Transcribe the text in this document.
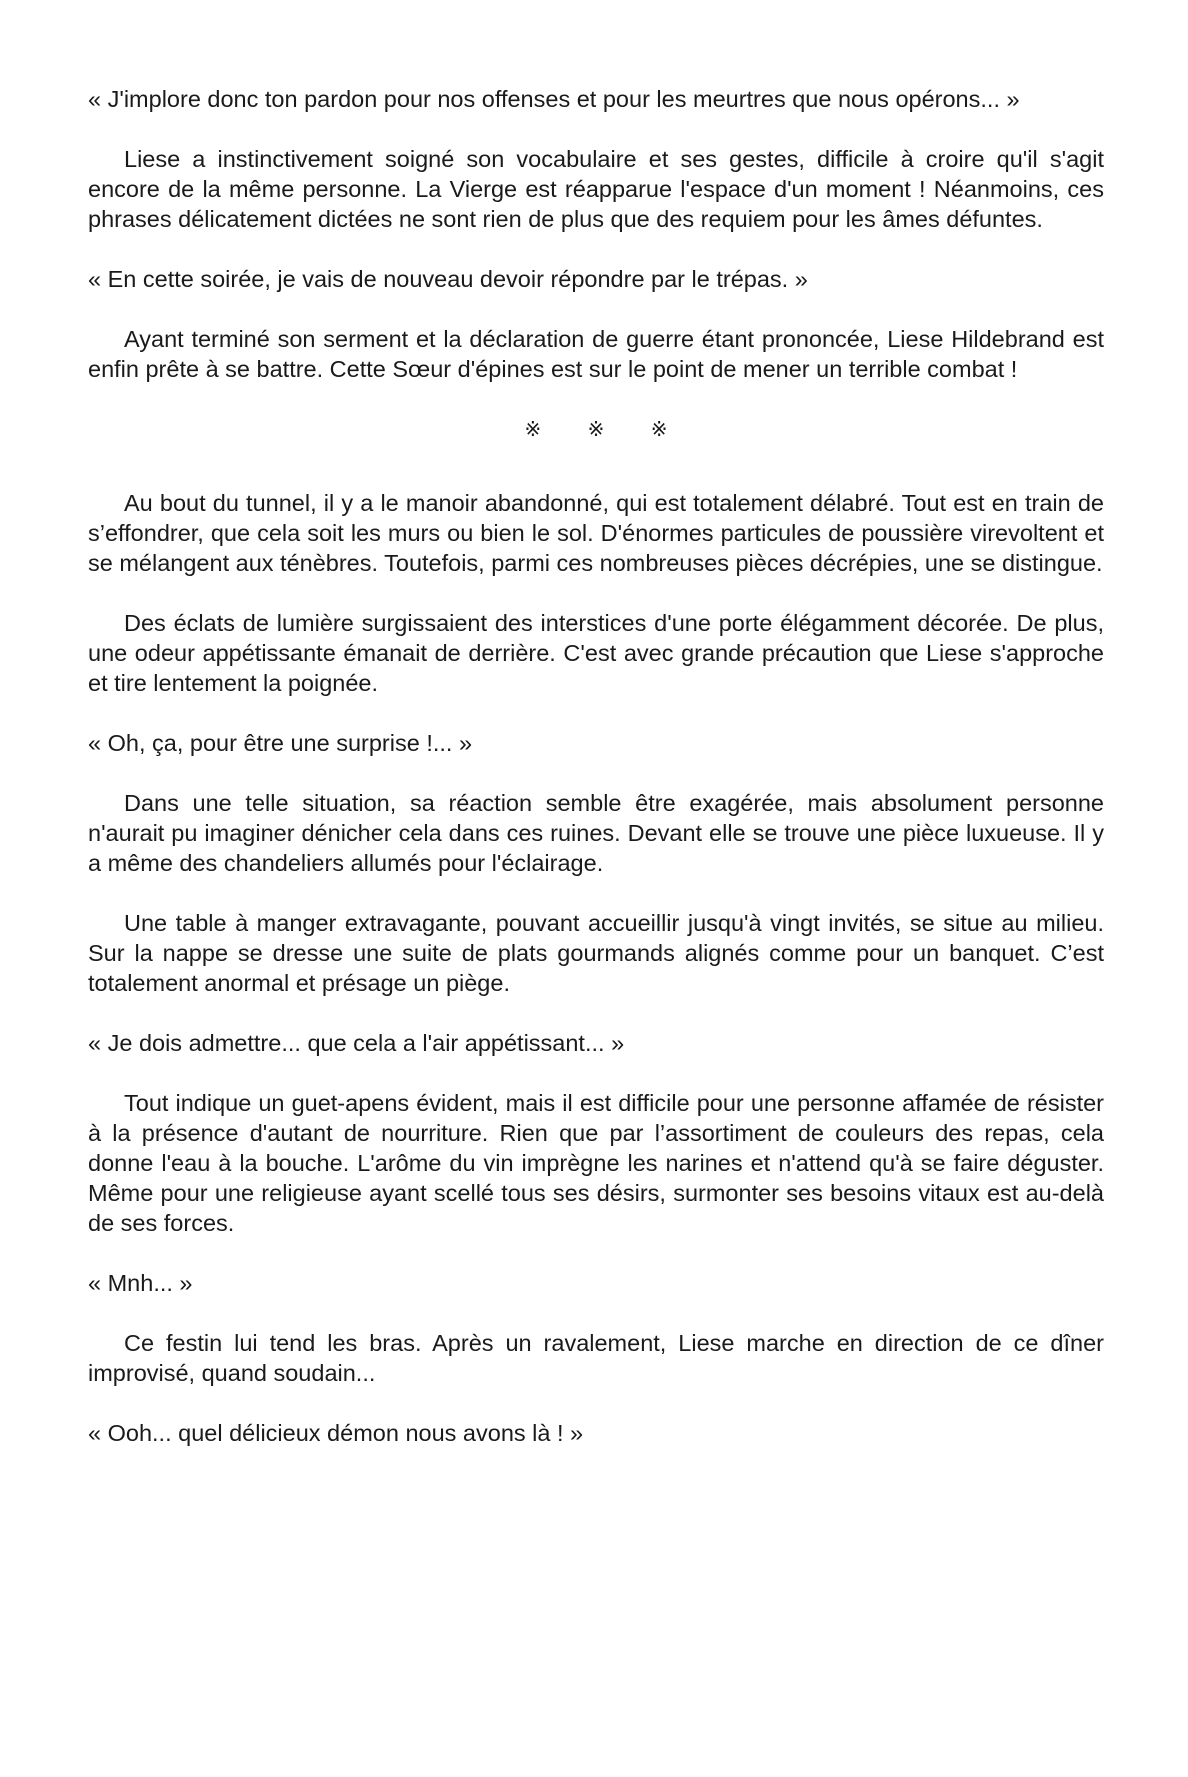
« J'implore donc ton pardon pour nos offenses et pour les meurtres que nous opérons... »

Liese a instinctivement soigné son vocabulaire et ses gestes, difficile à croire qu'il s'agit encore de la même personne. La Vierge est réapparue l'espace d'un moment ! Néanmoins, ces phrases délicatement dictées ne sont rien de plus que des requiem pour les âmes défuntes.

« En cette soirée, je vais de nouveau devoir répondre par le trépas. »

Ayant terminé son serment et la déclaration de guerre étant prononcée, Liese Hildebrand est enfin prête à se battre. Cette Sœur d'épines est sur le point de mener un terrible combat !

※ ※ ※

Au bout du tunnel, il y a le manoir abandonné, qui est totalement délabré. Tout est en train de s’effondrer, que cela soit les murs ou bien le sol. D'énormes particules de poussière virevoltent et se mélangent aux ténèbres. Toutefois, parmi ces nombreuses pièces décrépies, une se distingue.

Des éclats de lumière surgissaient des interstices d'une porte élégamment décorée. De plus, une odeur appétissante émanait de derrière. C'est avec grande précaution que Liese s'approche et tire lentement la poignée.

« Oh, ça, pour être une surprise !... »

Dans une telle situation, sa réaction semble être exagérée, mais absolument personne n'aurait pu imaginer dénicher cela dans ces ruines. Devant elle se trouve une pièce luxueuse. Il y a même des chandeliers allumés pour l'éclairage.

Une table à manger extravagante, pouvant accueillir jusqu'à vingt invités, se situe au milieu. Sur la nappe se dresse une suite de plats gourmands alignés comme pour un banquet. C’est totalement anormal et présage un piège.

« Je dois admettre... que cela a l'air appétissant... »

Tout indique un guet-apens évident, mais il est difficile pour une personne affamée de résister à la présence d'autant de nourriture. Rien que par l’assortiment de couleurs des repas, cela donne l'eau à la bouche. L'arôme du vin imprègne les narines et n'attend qu'à se faire déguster. Même pour une religieuse ayant scellé tous ses désirs, surmonter ses besoins vitaux est au-delà de ses forces.

« Mnh... »

Ce festin lui tend les bras. Après un ravalement, Liese marche en direction de ce dîner improvisé, quand soudain...

« Ooh... quel délicieux démon nous avons là ! »
